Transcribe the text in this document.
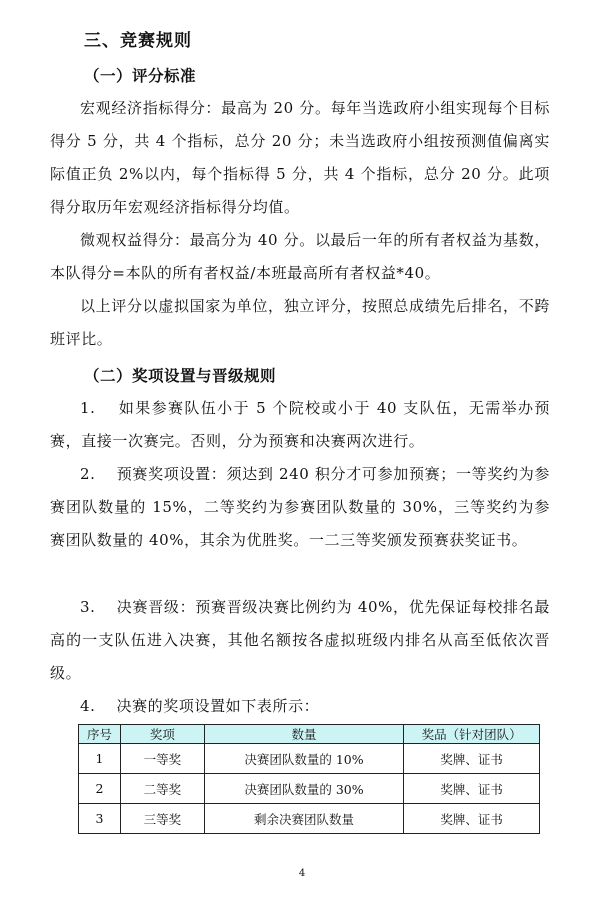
三、竞赛规则
（一）评分标准

宏观经济指标得分：最高为 20 分。每年当选政府小组实现每个目标得分 5 分，共 4 个指标，总分 20 分；未当选政府小组按预测值偏离实际值正负 2%以内，每个指标得 5 分，共 4 个指标，总分 20 分。此项得分取历年宏观经济指标得分均值。

微观权益得分：最高分为 40 分。以最后一年的所有者权益为基数，本队得分=本队的所有者权益/本班最高所有者权益*40。

以上评分以虚拟国家为单位，独立评分，按照总成绩先后排名，不跨班评比。

（二）奖项设置与晋级规则

1.　 如果参赛队伍小于 5 个院校或小于 40 支队伍，无需举办预赛，直接一次赛完。否则，分为预赛和决赛两次进行。

2.　 预赛奖项设置：须达到 240 积分才可参加预赛；一等奖约为参赛团队数量的 15%，二等奖约为参赛团队数量的 30%，三等奖约为参赛团队数量的 40%，其余为优胜奖。一二三等奖颁发预赛获奖证书。

3.　 决赛晋级：预赛晋级决赛比例约为 40%，优先保证每校排名最高的一支队伍进入决赛，其他名额按各虚拟班级内排名从高至低依次晋级。

4.　 决赛的奖项设置如下表所示：

序号	奖项	数量	奖品（针对团队）
1	一等奖	决赛团队数量的 10%	奖牌、证书
2	二等奖	决赛团队数量的 30%	奖牌、证书
3	三等奖	剩余决赛团队数量	奖牌、证书
4
